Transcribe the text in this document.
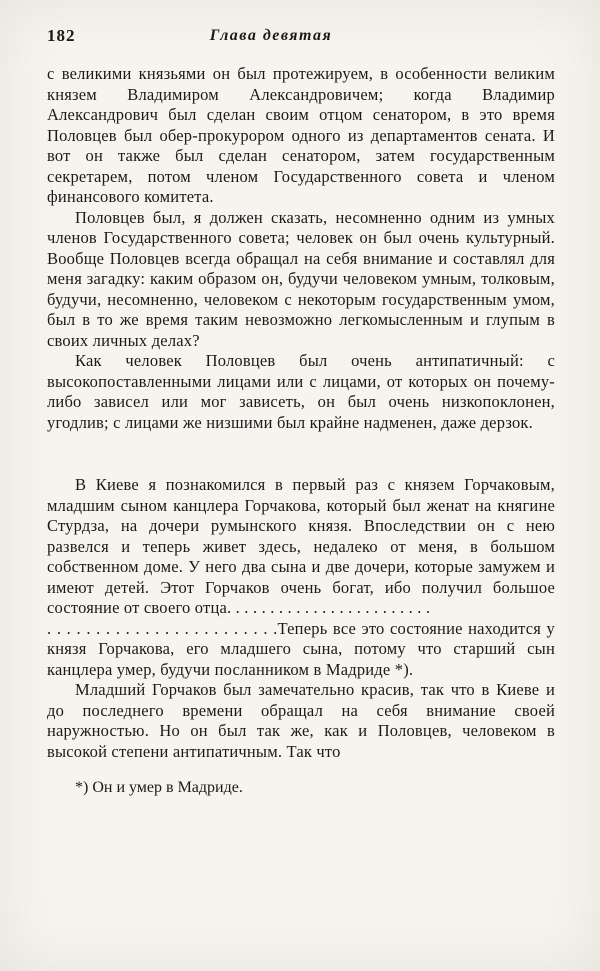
182	Глава девятая

с великими князьями он был протежируем, в особенности великим князем Владимиром Александровичем; когда Владимир Александрович был сделан своим отцом сенатором, в это время Половцев был обер-прокурором одного из департаментов сената. И вот он также был сделан сенатором, затем государственным секретарем, потом членом Государственного совета и членом финансового комитета.

Половцев был, я должен сказать, несомненно одним из умных членов Государственного совета; человек он был очень культурный. Вообще Половцев всегда обращал на себя внимание и составлял для меня загадку: каким образом он, будучи человеком умным, толковым, будучи, несомненно, человеком с некоторым государственным умом, был в то же время таким невозможно легкомысленным и глупым в своих личных делах?

Как человек Половцев был очень антипатичный: с высокопоставленными лицами или с лицами, от которых он почему-либо зависел или мог зависеть, он был очень низкопоклонен, угодлив; с лицами же низшими был крайне надменен, даже дерзок.

В Киеве я познакомился в первый раз с князем Горчаковым, младшим сыном канцлера Горчакова, который был женат на княгине Стурдза, на дочери румынского князя. Впоследствии он с нею развелся и теперь живет здесь, недалеко от меня, в большом собственном доме. У него два сына и две дочери, которые замужем и имеют детей. Этот Горчаков очень богат, ибо получил большое состояние от своего отца. . . . . . . . . . . . . . . . . . . . . . . .

. . . . . . . . . . . . . . . . . . . . . . . .Теперь все это состояние находится у князя Горчакова, его младшего сына, потому что старший сын канцлера умер, будучи посланником в Мадриде *).

Младший Горчаков был замечательно красив, так что в Киеве и до последнего времени обращал на себя внимание своей наружностью. Но он был так же, как и Половцев, человеком в высокой степени антипатичным. Так что

*) Он и умер в Мадриде.
